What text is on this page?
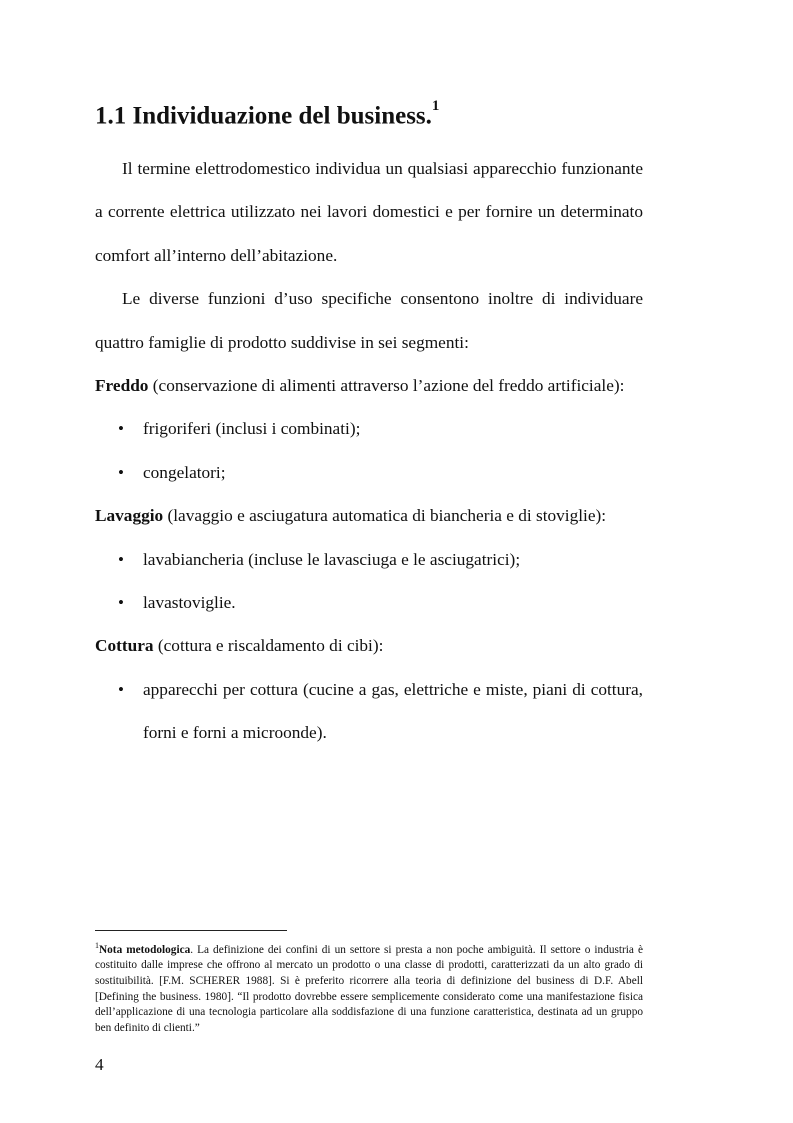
1.1 Individuazione del business.$^1$

Il termine elettrodomestico individua un qualsiasi apparecchio funzionante a corrente elettrica utilizzato nei lavori domestici e per fornire un determinato comfort all’interno dell’abitazione.

Le diverse funzioni d’uso specifiche consentono inoltre di individuare quattro famiglie di prodotto suddivise in sei segmenti:

Freddo (conservazione di alimenti attraverso l’azione del freddo artificiale):

• frigoriferi (inclusi i combinati);
• congelatori;

Lavaggio (lavaggio e asciugatura automatica di biancheria e di stoviglie):

• lavabiancheria (incluse le lavasciuga e le asciugatrici);
• lavastoviglie.

Cottura (cottura e riscaldamento di cibi):

• apparecchi per cottura (cucine a gas, elettriche e miste, piani di cottura, forni e forni a microonde).

$^1$Nota metodologica. La definizione dei confini di un settore si presta a non poche ambiguità. Il settore o industria è costituito dalle imprese che offrono al mercato un prodotto o una classe di prodotti, caratterizzati da un alto grado di sostituibilità. [F.M. SCHERER 1988]. Si è preferito ricorrere alla teoria di definizione del business di D.F. Abell [Defining the business. 1980]. “Il prodotto dovrebbe essere semplicemente considerato come una manifestazione fisica dell’applicazione di una tecnologia particolare alla soddisfazione di una funzione caratteristica, destinata ad un gruppo ben definito di clienti.”

4
